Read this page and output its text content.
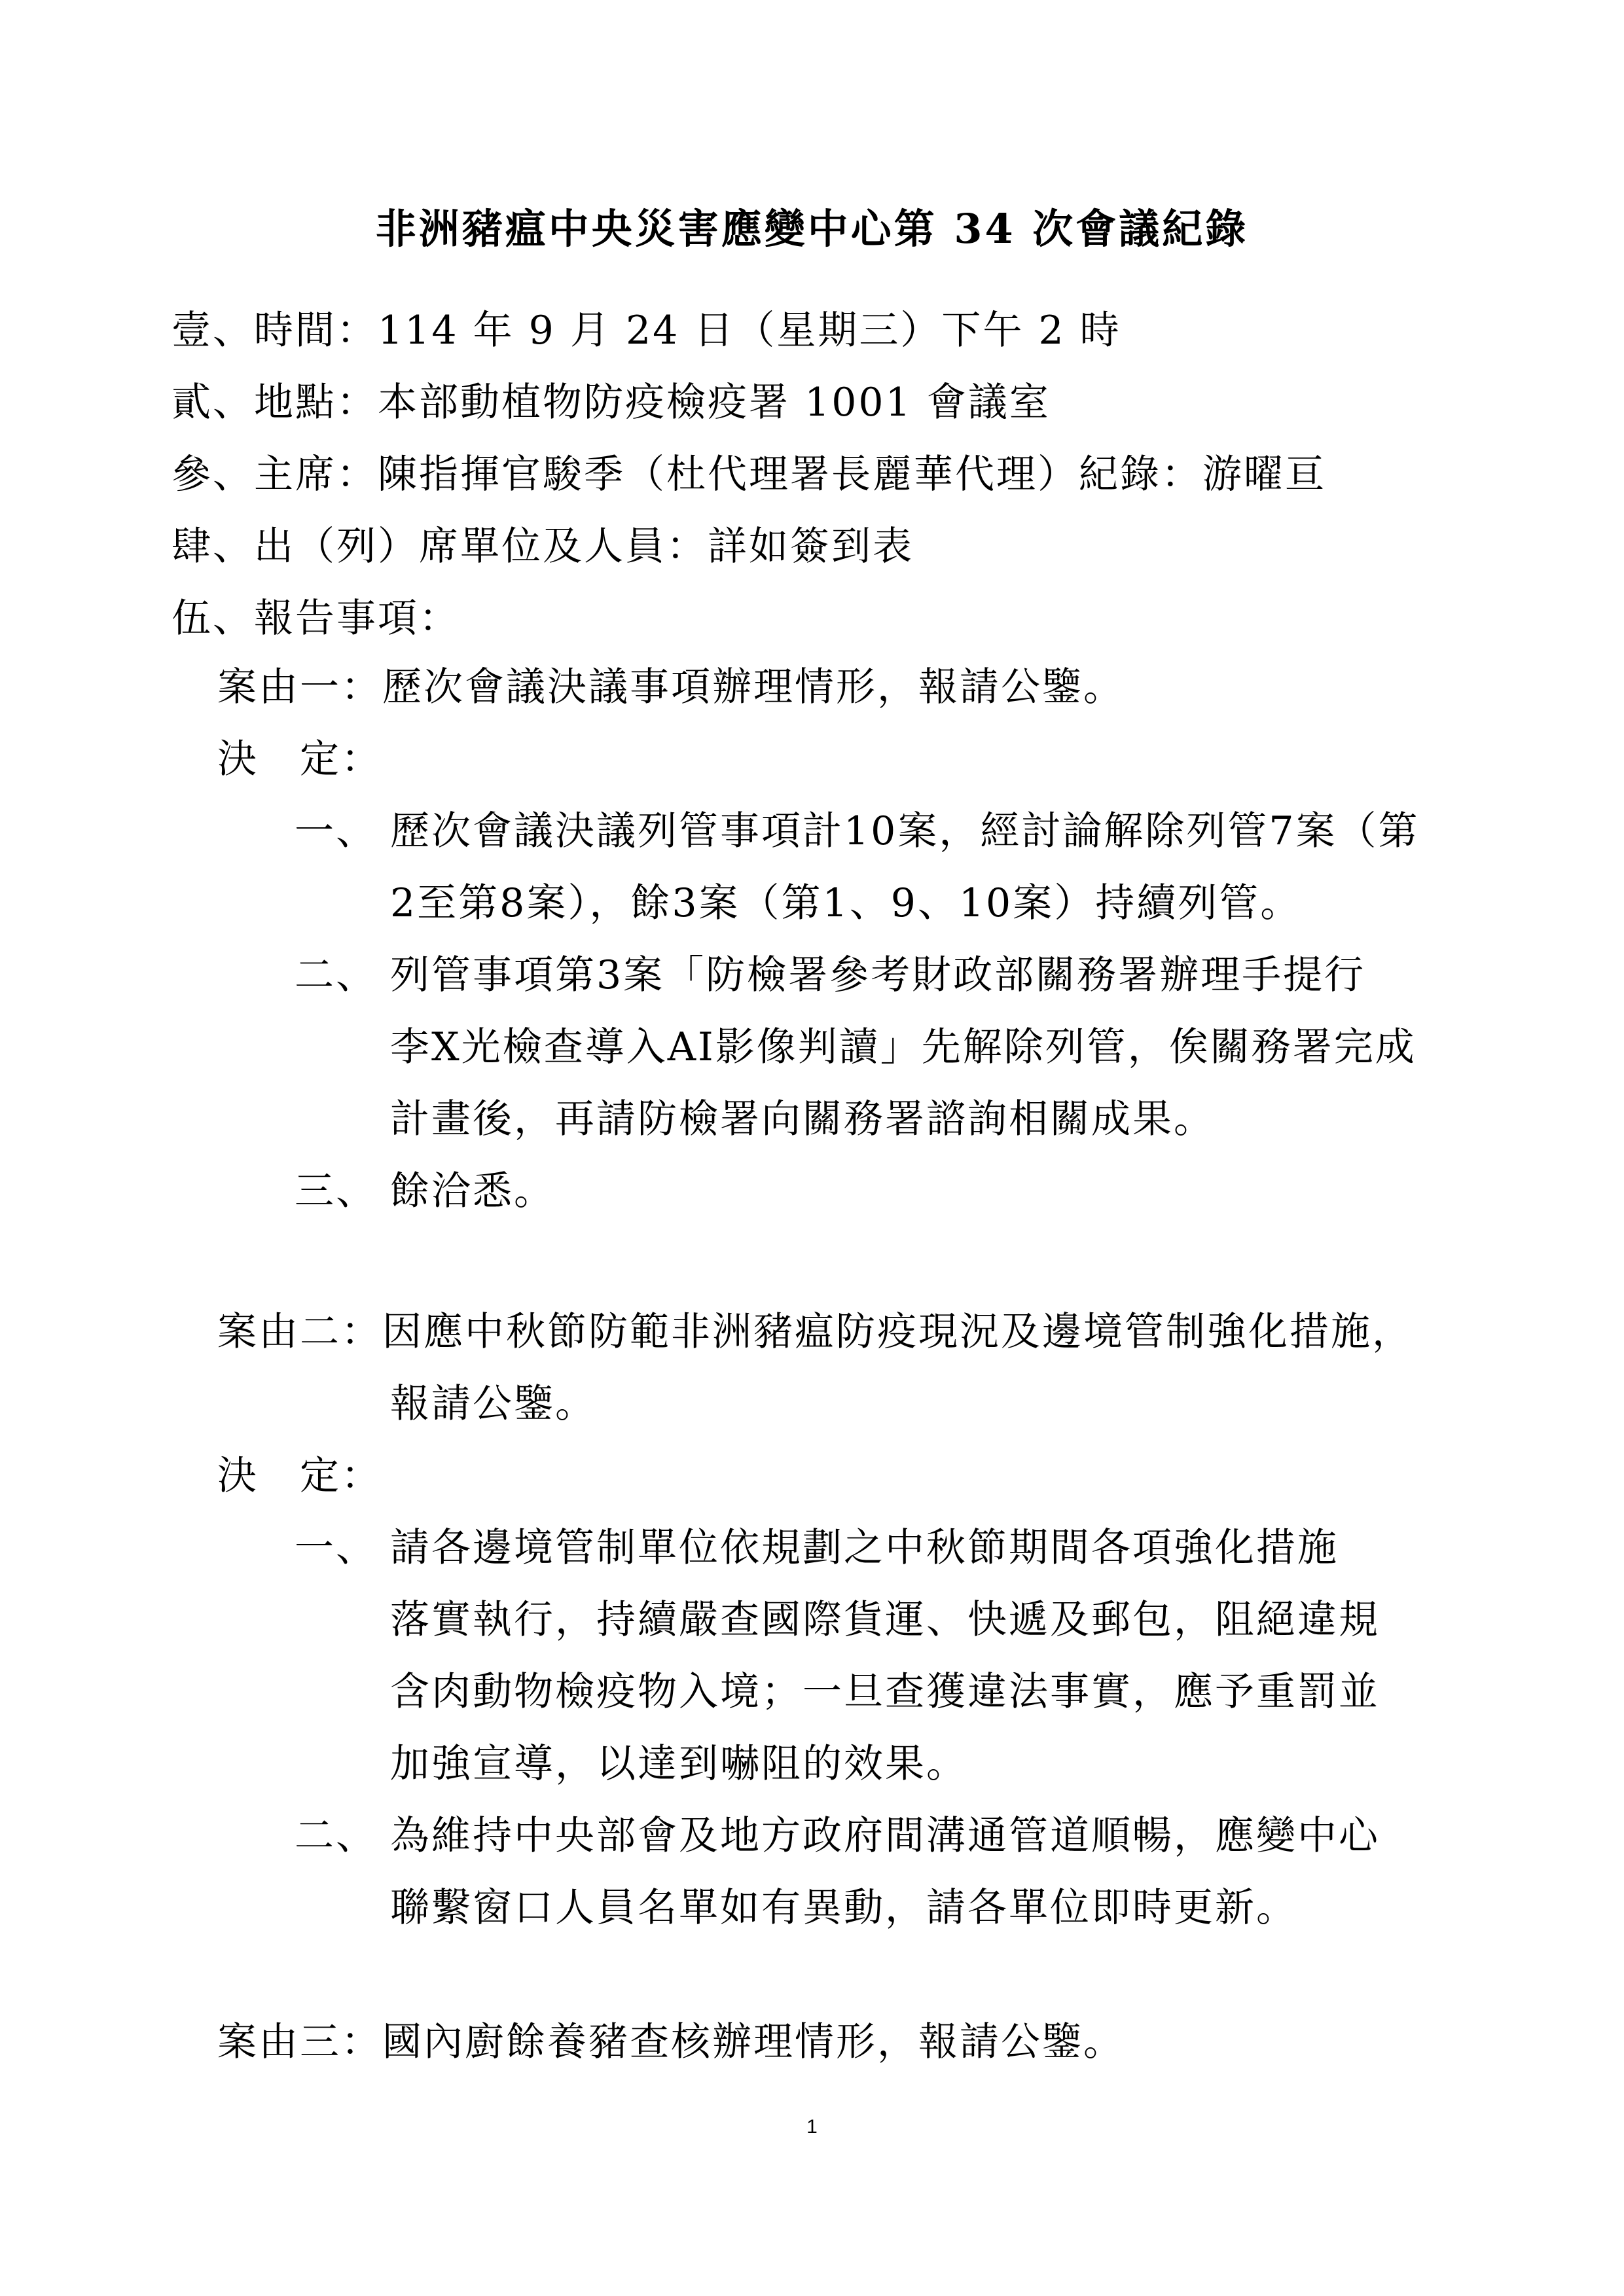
非洲豬瘟中央災害應變中心第 34 次會議紀錄
壹、時間：114 年 9 月 24 日（星期三）下午 2 時
貳、地點：本部動植物防疫檢疫署 1001 會議室
參、主席：陳指揮官駿季（杜代理署長麗華代理）紀錄：游曜亘
肆、出（列）席單位及人員：詳如簽到表
伍、報告事項：
案由一：歷次會議決議事項辦理情形，報請公鑒。
決　定：
一、 歷次會議決議列管事項計10案，經討論解除列管7案（第
2至第8案），餘3案（第1、9、10案）持續列管。
二、 列管事項第3案「防檢署參考財政部關務署辦理手提行
李X光檢查導入AI影像判讀」先解除列管，俟關務署完成
計畫後，再請防檢署向關務署諮詢相關成果。
三、 餘洽悉。
案由二：因應中秋節防範非洲豬瘟防疫現況及邊境管制強化措施，
報請公鑒。
決　定：
一、 請各邊境管制單位依規劃之中秋節期間各項強化措施
落實執行，持續嚴查國際貨運、快遞及郵包，阻絕違規
含肉動物檢疫物入境；一旦查獲違法事實，應予重罰並
加強宣導，以達到嚇阻的效果。
二、 為維持中央部會及地方政府間溝通管道順暢，應變中心
聯繫窗口人員名單如有異動，請各單位即時更新。
案由三：國內廚餘養豬查核辦理情形，報請公鑒。
1
